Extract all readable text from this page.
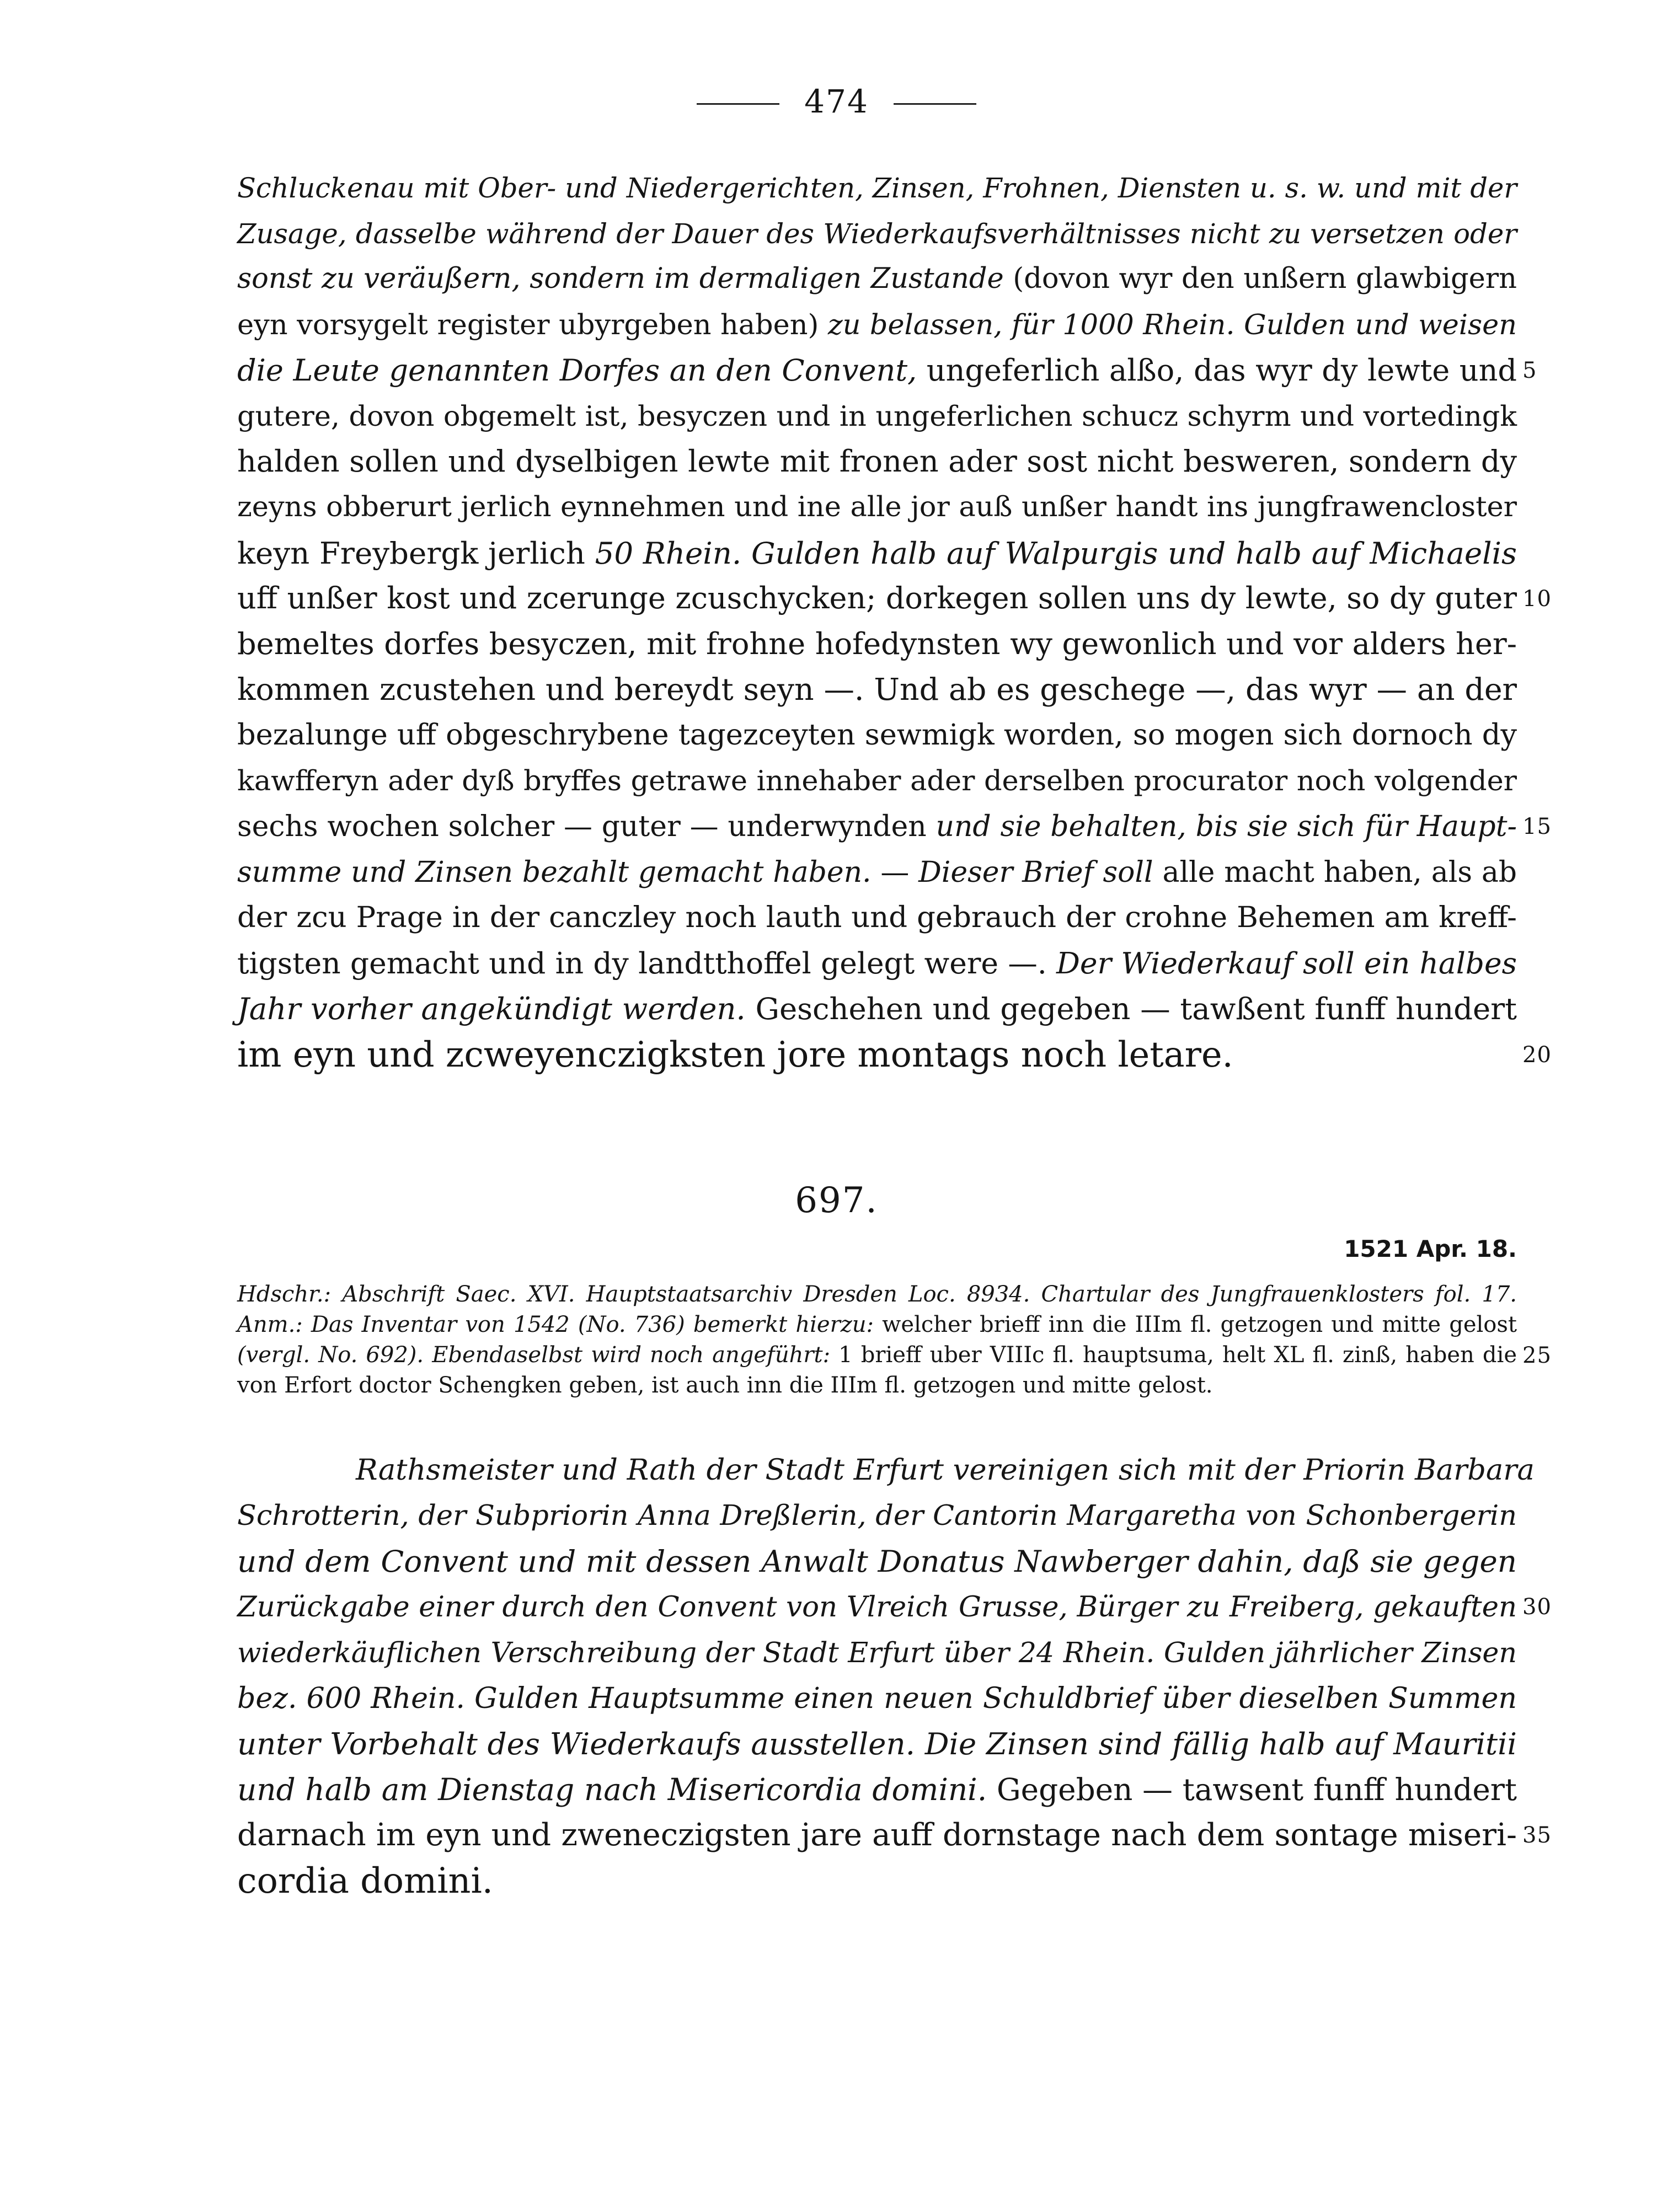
474
Schluckenau mit Ober- und Niedergerichten, Zinsen, Frohnen, Diensten u. s. w. und mit der
Zusage, dasselbe während der Dauer des Wiederkaufsverhältnisses nicht zu versetzen oder
sonst zu veräußern, sondern im dermaligen Zustande (dovon wyr den unßern glawbigern
eyn vorsygelt register ubyrgeben haben) zu belassen, für 1000 Rhein. Gulden und weisen
die Leute genannten Dorfes an den Convent, ungeferlich alßo, das wyr dy lewte und 5
gutere, dovon obgemelt ist, besyczen und in ungeferlichen schucz schyrm und vortedingk
halden sollen und dyselbigen lewte mit fronen ader sost nicht besweren, sondern dy
zeyns obberurt jerlich eynnehmen und ine alle jor auß unßer handt ins jungfrawencloster
keyn Freybergk jerlich 50 Rhein. Gulden halb auf Walpurgis und halb auf Michaelis
uff unßer kost und zcerunge zcuschycken; dorkegen sollen uns dy lewte, so dy guter 10
bemeltes dorfes besyczen, mit frohne hofedynsten wy gewonlich und vor alders her-
kommen zcustehen und bereydt seyn —. Und ab es geschege —, das wyr — an der
bezalunge uff obgeschrybene tagezceyten sewmigk worden, so mogen sich dornoch dy
kawfferyn ader dyß bryffes getrawe innehaber ader derselben procurator noch volgender
sechs wochen solcher — guter — underwynden und sie behalten, bis sie sich für Haupt- 15
summe und Zinsen bezahlt gemacht haben. — Dieser Brief soll alle macht haben, als ab
der zcu Prage in der canczley noch lauth und gebrauch der crohne Behemen am kreff-
tigsten gemacht und in dy landtthoffel gelegt were —. Der Wiederkauf soll ein halbes
Jahr vorher angekündigt werden. Geschehen und gegeben — tawßent funff hundert
im eyn und zcweyenczigksten jore montags noch letare.	20
697.
1521 Apr. 18.
Hdschr.: Abschrift Saec. XVI. Hauptstaatsarchiv Dresden Loc. 8934. Chartular des Jungfrauenklosters fol. 17.
Anm.: Das Inventar von 1542 (No. 736) bemerkt hierzu: welcher brieff inn die IIIm fl. getzogen und mitte gelost
(vergl. No. 692). Ebendaselbst wird noch angeführt: 1 brieff uber VIIIc fl. hauptsuma, helt XL fl. zinß, haben die 25
von Erfort doctor Schengken geben, ist auch inn die IIIm fl. getzogen und mitte gelost.
Rathsmeister und Rath der Stadt Erfurt vereinigen sich mit der Priorin Barbara
Schrotterin, der Subpriorin Anna Dreßlerin, der Cantorin Margaretha von Schonbergerin
und dem Convent und mit dessen Anwalt Donatus Nawberger dahin, daß sie gegen
Zurückgabe einer durch den Convent von Vlreich Grusse, Bürger zu Freiberg, gekauften 30
wiederkäuflichen Verschreibung der Stadt Erfurt über 24 Rhein. Gulden jährlicher Zinsen
bez. 600 Rhein. Gulden Hauptsumme einen neuen Schuldbrief über dieselben Summen
unter Vorbehalt des Wiederkaufs ausstellen. Die Zinsen sind fällig halb auf Mauritii
und halb am Dienstag nach Misericordia domini. Gegeben — tawsent funff hundert
darnach im eyn und zweneczigsten jare auff dornstage nach dem sontage miseri- 35
cordia domini.
